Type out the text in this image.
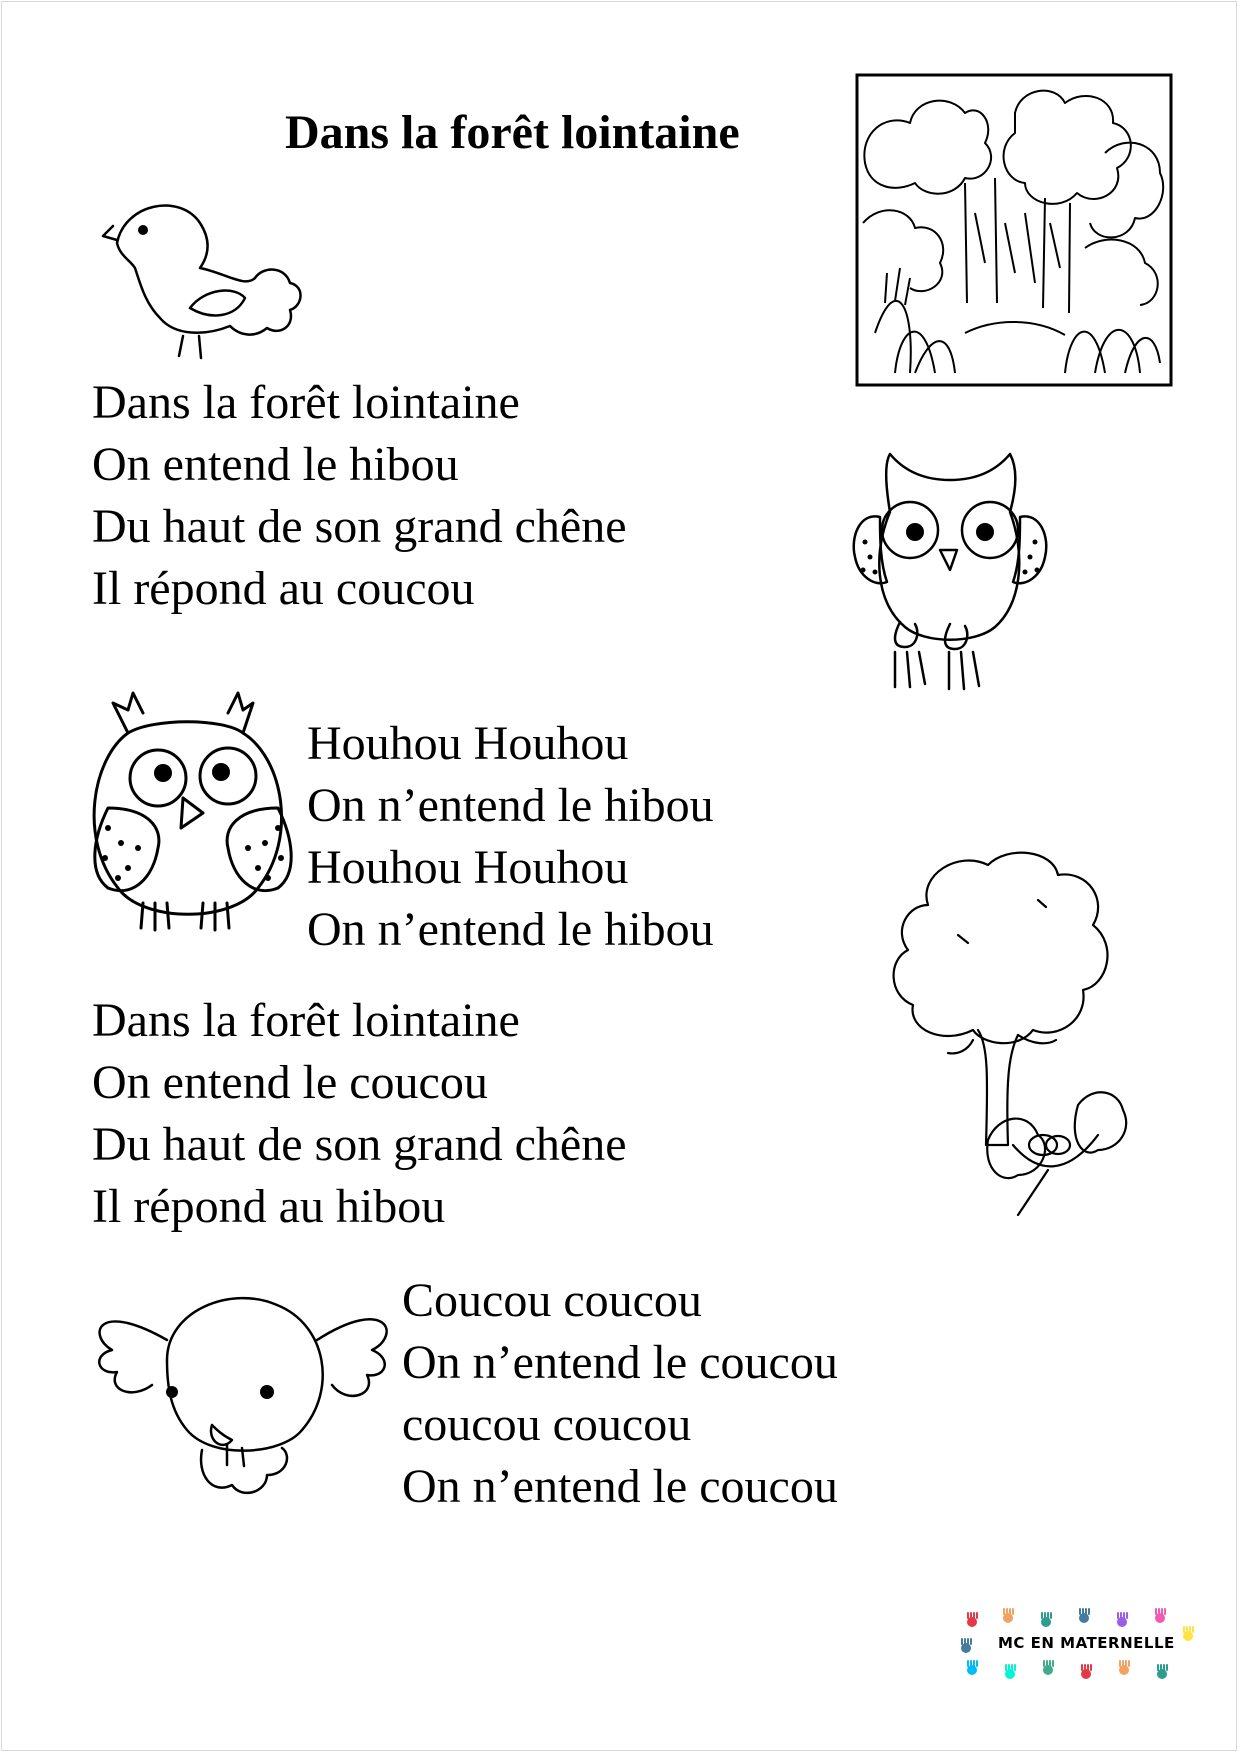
Dans la forêt lointaine
Dans la forêt lointaine
On entend le hibou
Du haut de son grand chêne
Il répond au coucou
Houhou Houhou
On n’entend le hibou
Houhou Houhou
On n’entend le hibou
Dans la forêt lointaine
On entend le coucou
Du haut de son grand chêne
Il répond au hibou
Coucou coucou
On n’entend le coucou
coucou coucou
On n’entend le coucou
MC EN MATERNELLE
